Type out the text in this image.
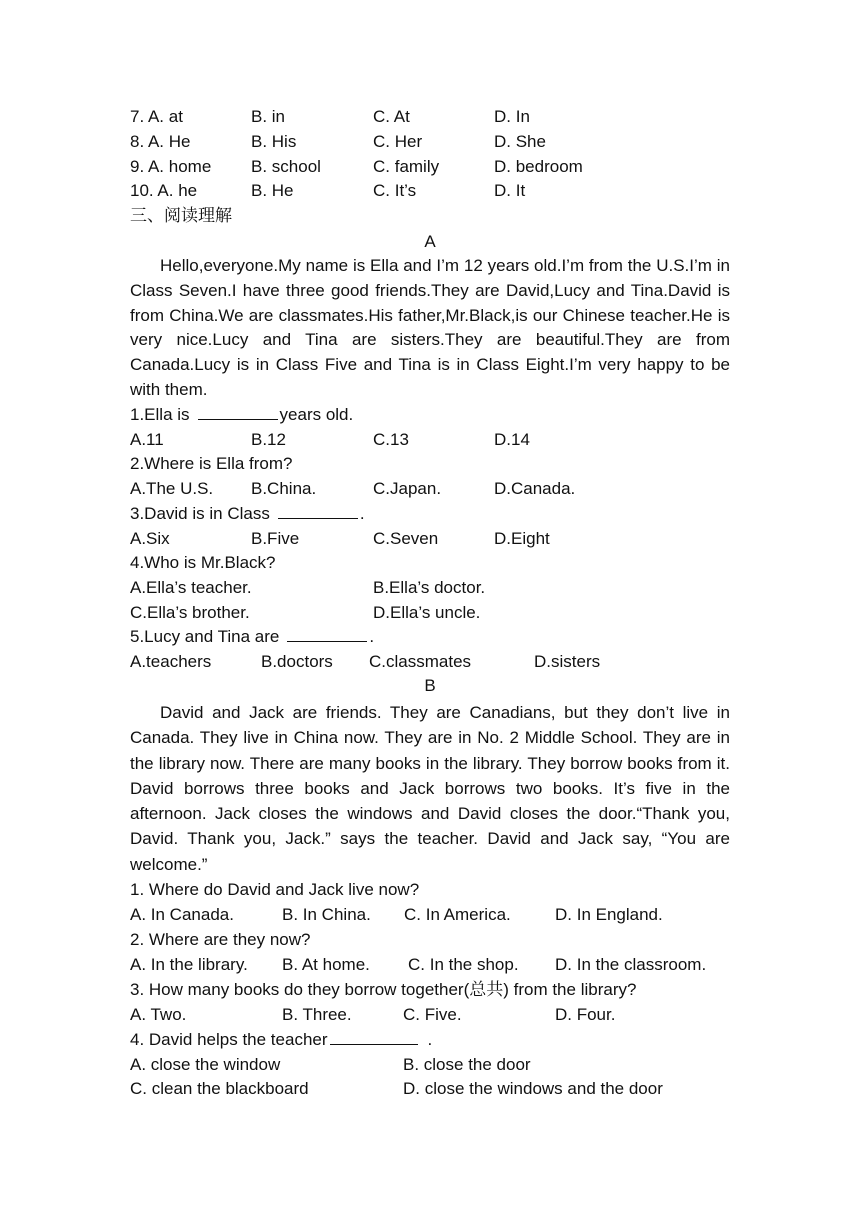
7. A. at	B. in	C. At	D. In
8. A. He	B. His	C. Her	D. She
9. A. home B. school	C. family	D. bedroom
10. A. he	B. He	C. It’s	D. It
三、阅读理解
A

Hello,everyone.My name is Ella and I’m 12 years old.I’m from the U.S.I’m in Class Seven.I have three good friends.They are David,Lucy and Tina.David is from China.We are classmates.His father,Mr.Black,is our Chinese teacher.He is very nice.Lucy and Tina are sisters.They are beautiful.They are from Canada.Lucy is in Class Five and Tina is in Class Eight.I’m very happy to be with them.

1.Ella is	years old.
A.11	B.12	C.13	D.14
2.Where is Ella from?
A.The U.S. B.China.	C.Japan.	D.Canada.
3.David is in Class	.
A.Six	B.Five	C.Seven	D.Eight
4.Who is Mr.Black?
A.Ella’s teacher.	B.Ella’s doctor.
C.Ella’s brother.	D.Ella’s uncle.
5.Lucy and Tina are	.
A.teachers	B.doctors C.classmates	D.sisters
B

David and Jack are friends. They are Canadians, but they don’t live in Canada. They live in China now. They are in No. 2 Middle School. They are in the library now. There are many books in the library. They borrow books from it. David borrows three books and Jack borrows two books. It’s five in the afternoon. Jack closes the windows and David closes the door.“Thank you, David. Thank you, Jack.” says the teacher. David and Jack say, “You are welcome.”

1. Where do David and Jack live now?
A. In Canada.	B. In China. C. In America.	D. In England.
2. Where are they now?
A. In the library. B. At home. C. In the shop. D. In the classroom.
3. How many books do they borrow together(总共) from the library?
A. Two.	B. Three.	C. Five.	D. Four.
4. David helps the teacher	.
A. close the window	B. close the door
C. clean the blackboard	D. close the windows and the door
